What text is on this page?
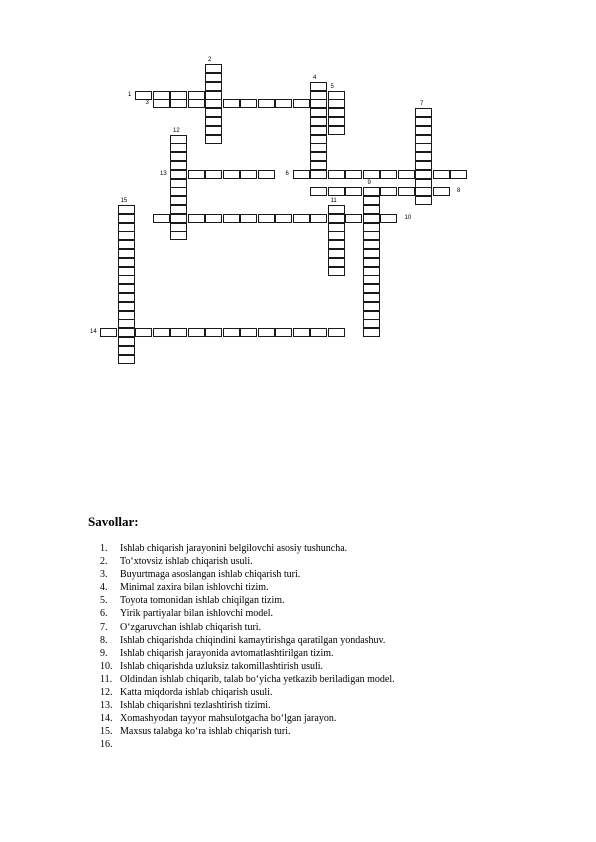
1
2
3
4
5
6
7
8
9
10
11
12
13
14
15
Savollar:
1. Ishlab chiqarish jarayonini belgilovchi asosiy tushuncha.
2. To‘xtovsiz ishlab chiqarish usuli.
3. Buyurtmaga asoslangan ishlab chiqarish turi.
4. Minimal zaxira bilan ishlovchi tizim.
5. Toyota tomonidan ishlab chiqilgan tizim.
6. Yirik partiyalar bilan ishlovchi model.
7. O‘zgaruvchan ishlab chiqarish turi.
8. Ishlab chiqarishda chiqindini kamaytirishga qaratilgan yondashuv.
9. Ishlab chiqarish jarayonida avtomatlashtirilgan tizim.
10. Ishlab chiqarishda uzluksiz takomillashtirish usuli.
11. Oldindan ishlab chiqarib, talab bo‘yicha yetkazib beriladigan model.
12. Katta miqdorda ishlab chiqarish usuli.
13. Ishlab chiqarishni tezlashtirish tizimi.
14. Xomashyodan tayyor mahsulotgacha bo‘lgan jarayon.
15. Maxsus talabga ko‘ra ishlab chiqarish turi.
16.
